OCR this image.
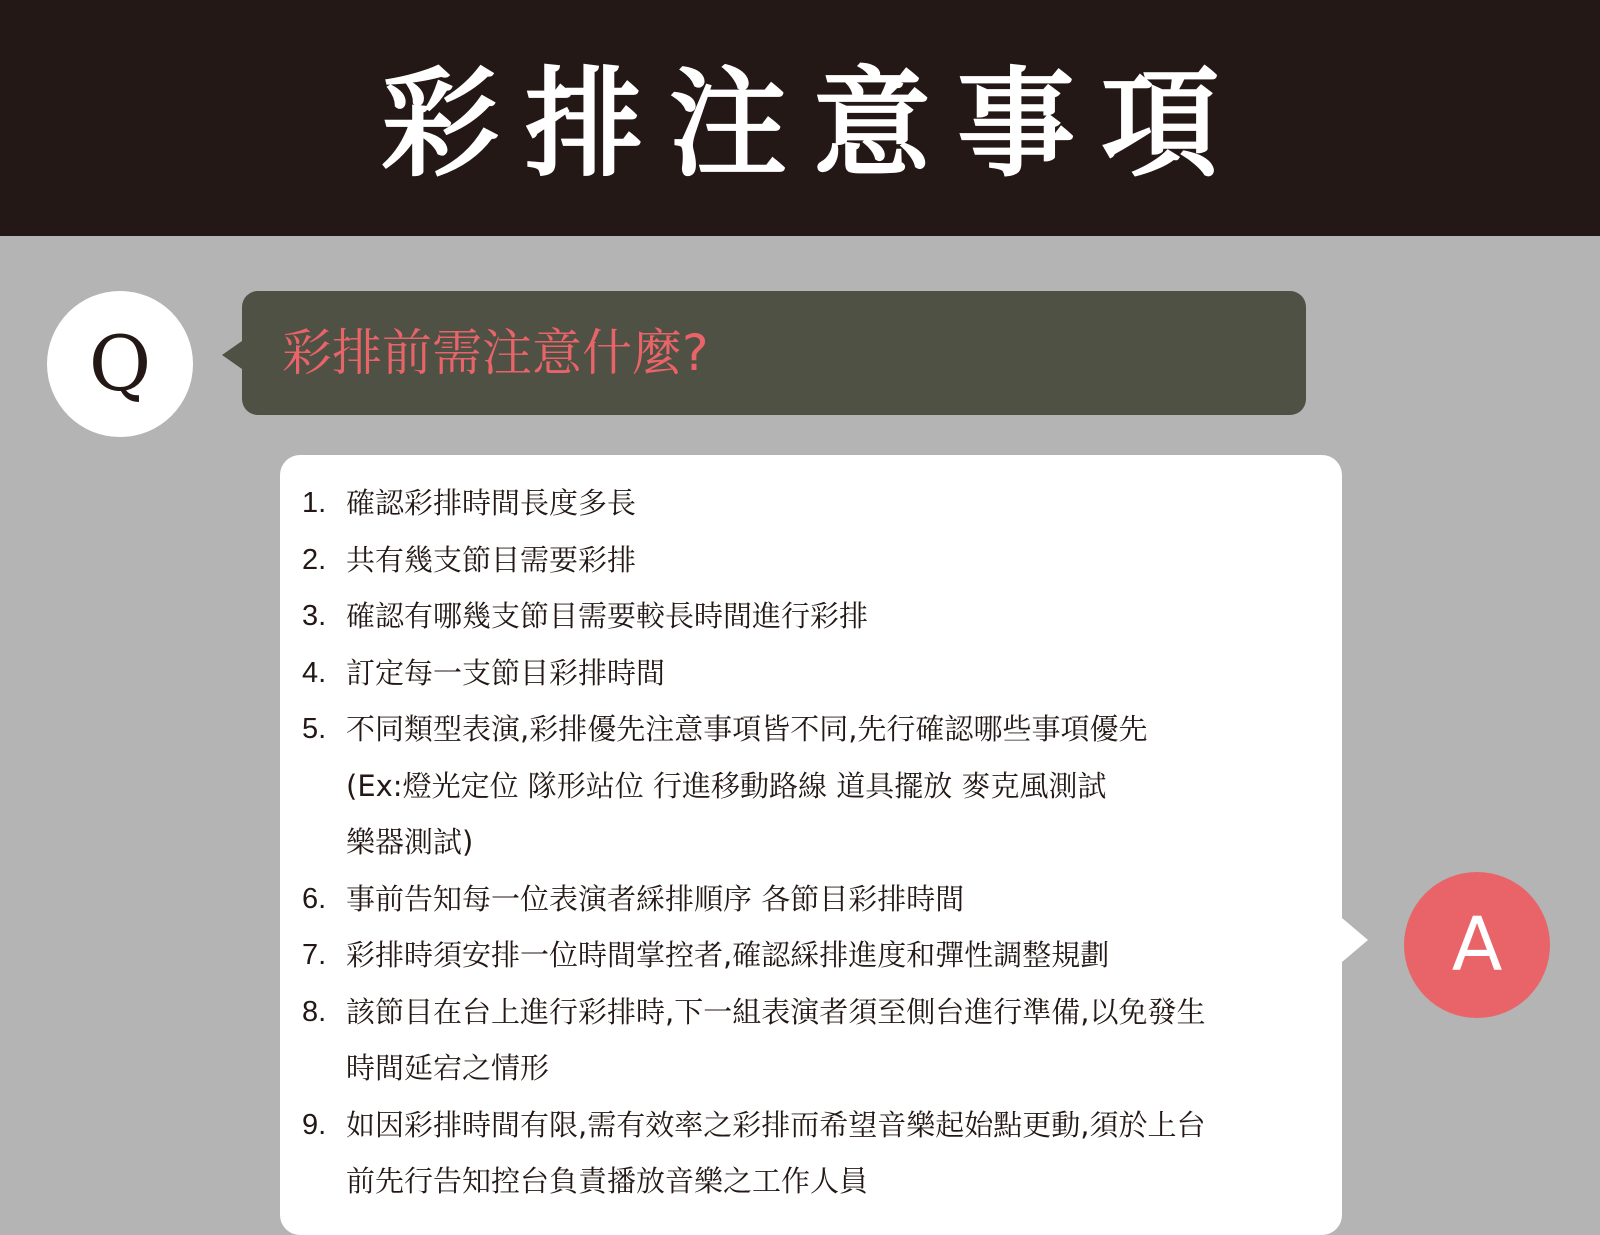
彩排注意事項
Q	彩排前需注意什麼?
1. 確認彩排時間長度多長
2. 共有幾支節目需要彩排
3. 確認有哪幾支節目需要較長時間進行彩排
4. 訂定每一支節目彩排時間
5. 不同類型表演,彩排優先注意事項皆不同,先行確認哪些事項優先
(Ex:燈光定位 隊形站位 行進移動路線 道具擺放 麥克風測試
樂器測試)
6. 事前告知每一位表演者綵排順序 各節目彩排時間
7. 彩排時須安排一位時間掌控者,確認綵排進度和彈性調整規劃
8. 該節目在台上進行彩排時,下一組表演者須至側台進行準備,以免發生
時間延宕之情形
9. 如因彩排時間有限,需有效率之彩排而希望音樂起始點更動,須於上台
前先行告知控台負責播放音樂之工作人員
A
